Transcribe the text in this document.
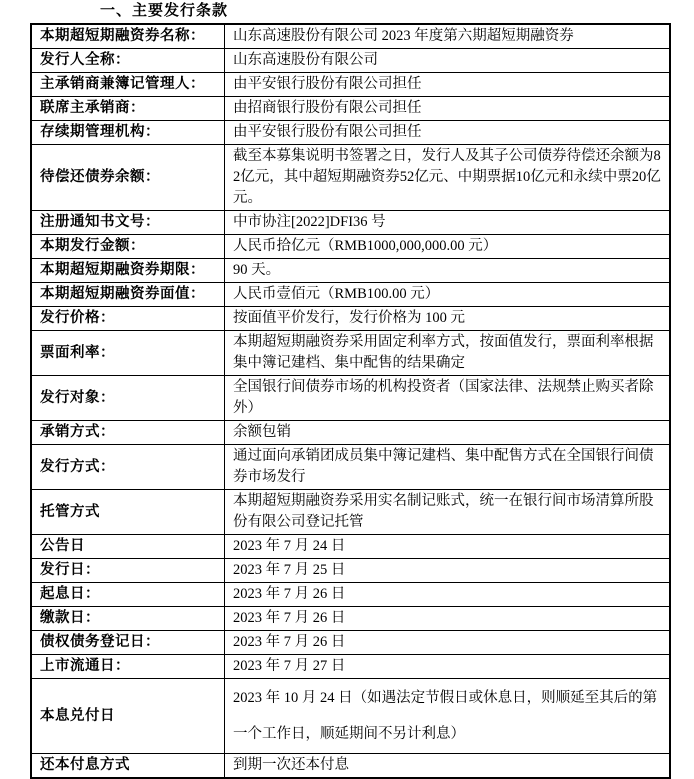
一、主要发行条款
本期超短期融资券名称：	山东高速股份有限公司 2023 年度第六期超短期融资券
发行人全称：	山东高速股份有限公司
主承销商兼簿记管理人：	由平安银行股份有限公司担任
联席主承销商：	由招商银行股份有限公司担任
存续期管理机构：	由平安银行股份有限公司担任
待偿还债券余额：	截至本募集说明书签署之日，发行人及其子公司债券待偿还余额为82亿元，其中超短期融资券52亿元、中期票据10亿元和永续中票20亿元。
注册通知书文号：	中市协注[2022]DFI36 号
本期发行金额：	人民币拾亿元（RMB1000,000,000.00 元）
本期超短期融资券期限：	90 天。
本期超短期融资券面值：	人民币壹佰元（RMB100.00 元）
发行价格：	按面值平价发行，发行价格为 100 元
票面利率：	本期超短期融资券采用固定利率方式，按面值发行，票面利率根据集中簿记建档、集中配售的结果确定
发行对象：	全国银行间债券市场的机构投资者（国家法律、法规禁止购买者除外）
承销方式：	余额包销
发行方式：	通过面向承销团成员集中簿记建档、集中配售方式在全国银行间债券市场发行
托管方式	本期超短期融资券采用实名制记账式，统一在银行间市场清算所股份有限公司登记托管
公告日	2023 年 7 月 24 日
发行日：	2023 年 7 月 25 日
起息日：	2023 年 7 月 26 日
缴款日：	2023 年 7 月 26 日
债权债务登记日：	2023 年 7 月 26 日
上市流通日：	2023 年 7 月 27 日
本息兑付日	2023 年 10 月 24 日（如遇法定节假日或休息日，则顺延至其后的第一个工作日，顺延期间不另计利息）
还本付息方式	到期一次还本付息
